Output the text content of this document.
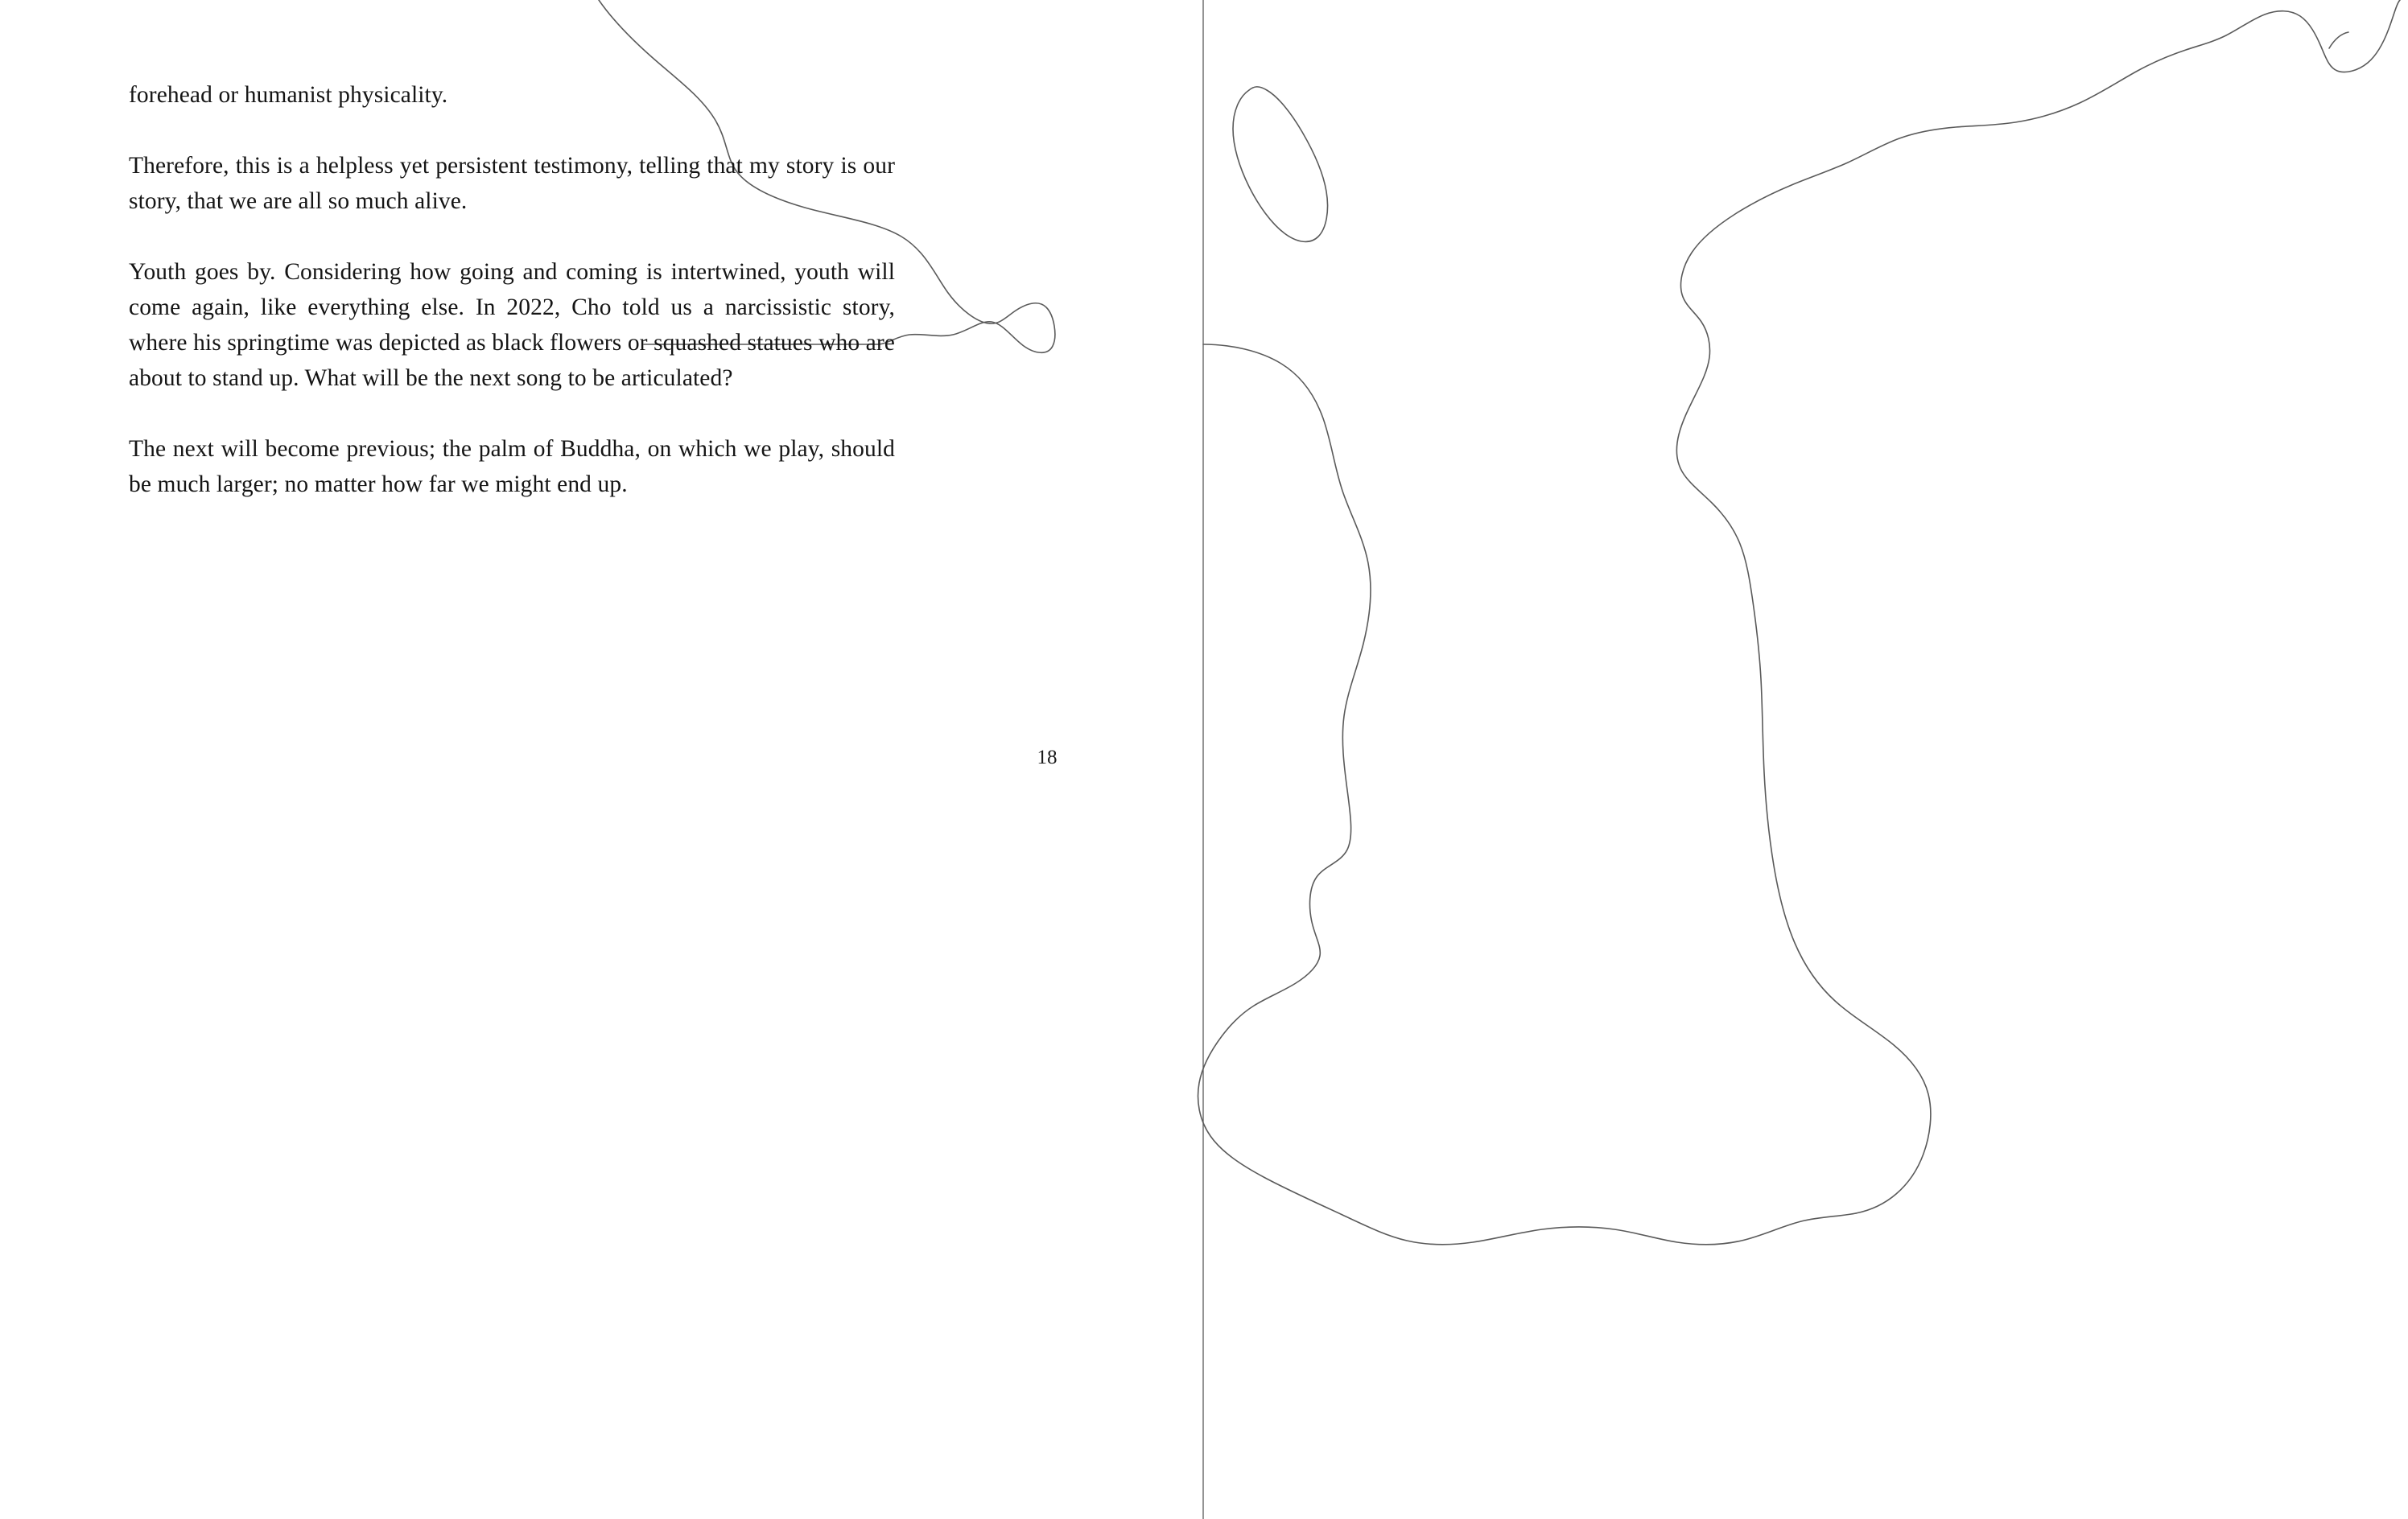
forehead or humanist physicality.

Therefore, this is a helpless yet persistent testimony, telling that my story is our story, that we are all so much alive.

Youth goes by. Considering how going and coming is intertwined, youth will come again, like everything else. In 2022, Cho told us a narcissistic story, where his springtime was depicted as black flowers or squashed statues who are about to stand up. What will be the next song to be articulated?

The next will become previous; the palm of Buddha, on which we play, should be much larger; no matter how far we might end up.

18
